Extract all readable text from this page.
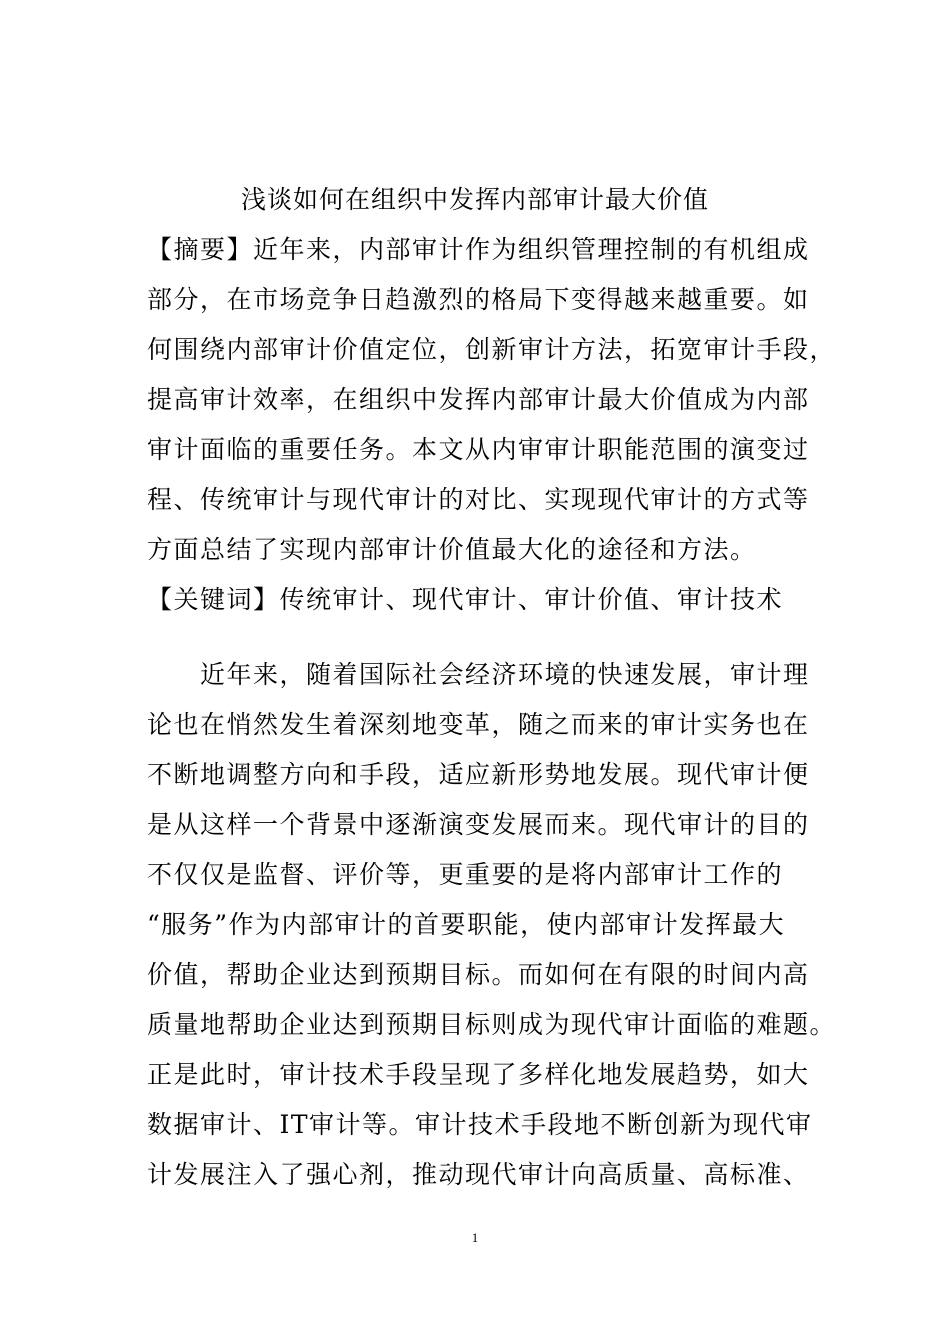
浅谈如何在组织中发挥内部审计最大价值
【摘要】近年来，内部审计作为组织管理控制的有机组成
部分，在市场竞争日趋激烈的格局下变得越来越重要。如
何围绕内部审计价值定位，创新审计方法，拓宽审计手段，
提高审计效率，在组织中发挥内部审计最大价值成为内部
审计面临的重要任务。本文从内审审计职能范围的演变过
程、传统审计与现代审计的对比、实现现代审计的方式等
方面总结了实现内部审计价值最大化的途径和方法。
【关键词】传统审计、现代审计、审计价值、审计技术
　　近年来，随着国际社会经济环境的快速发展，审计理
论也在悄然发生着深刻地变革，随之而来的审计实务也在
不断地调整方向和手段，适应新形势地发展。现代审计便
是从这样一个背景中逐渐演变发展而来。现代审计的目的
不仅仅是监督、评价等，更重要的是将内部审计工作的
“服务”作为内部审计的首要职能，使内部审计发挥最大
价值，帮助企业达到预期目标。而如何在有限的时间内高
质量地帮助企业达到预期目标则成为现代审计面临的难题。
正是此时，审计技术手段呈现了多样化地发展趋势，如大
数据审计、IT审计等。审计技术手段地不断创新为现代审
计发展注入了强心剂，推动现代审计向高质量、高标准、
1
